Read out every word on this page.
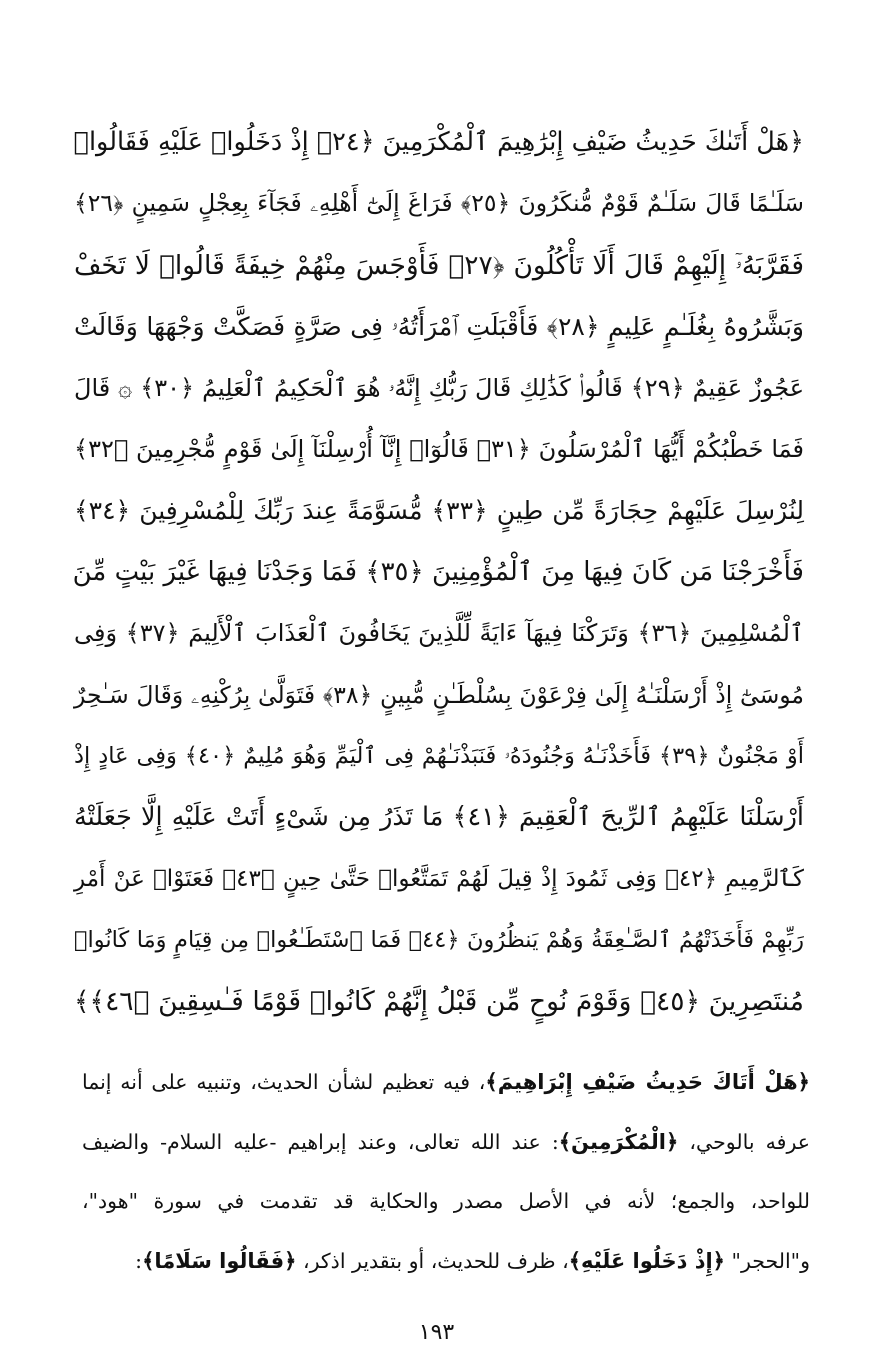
﴿هَلْ أَتَىٰكَ حَدِيثُ ضَيْفِ إِبْرَٰهِيمَ ٱلْمُكْرَمِينَ ﴿٢٤﴾ إِذْ دَخَلُوا۟ عَلَيْهِ فَقَالُوا۟
سَلَـٰمًا قَالَ سَلَـٰمٌ قَوْمٌ مُّنكَرُونَ ﴿٢٥﴾ فَرَاغَ إِلَىٰٓ أَهْلِهِۦ فَجَآءَ بِعِجْلٍ سَمِينٍ ﴿٢٦﴾
فَقَرَّبَهُۥٓ إِلَيْهِمْ قَالَ أَلَا تَأْكُلُونَ ﴿٢٧﴾ فَأَوْجَسَ مِنْهُمْ خِيفَةً قَالُوا۟ لَا تَخَفْ
وَبَشَّرُوهُ بِغُلَـٰمٍ عَلِيمٍ ﴿٢٨﴾ فَأَقْبَلَتِ ٱمْرَأَتُهُۥ فِى صَرَّةٍ فَصَكَّتْ وَجْهَهَا وَقَالَتْ
عَجُوزٌ عَقِيمٌ ﴿٢٩﴾ قَالُوا۟ كَذَٰلِكِ قَالَ رَبُّكِ إِنَّهُۥ هُوَ ٱلْحَكِيمُ ٱلْعَلِيمُ ﴿٣٠﴾ ۞ قَالَ
فَمَا خَطْبُكُمْ أَيُّهَا ٱلْمُرْسَلُونَ ﴿٣١﴾ قَالُوٓا۟ إِنَّآ أُرْسِلْنَآ إِلَىٰ قَوْمٍ مُّجْرِمِينَ ﴿٣٢﴾
لِنُرْسِلَ عَلَيْهِمْ حِجَارَةً مِّن طِينٍ ﴿٣٣﴾ مُّسَوَّمَةً عِندَ رَبِّكَ لِلْمُسْرِفِينَ ﴿٣٤﴾
فَأَخْرَجْنَا مَن كَانَ فِيهَا مِنَ ٱلْمُؤْمِنِينَ ﴿٣٥﴾ فَمَا وَجَدْنَا فِيهَا غَيْرَ بَيْتٍ مِّنَ
ٱلْمُسْلِمِينَ ﴿٣٦﴾ وَتَرَكْنَا فِيهَآ ءَايَةً لِّلَّذِينَ يَخَافُونَ ٱلْعَذَابَ ٱلْأَلِيمَ ﴿٣٧﴾ وَفِى
مُوسَىٰٓ إِذْ أَرْسَلْنَـٰهُ إِلَىٰ فِرْعَوْنَ بِسُلْطَـٰنٍ مُّبِينٍ ﴿٣٨﴾ فَتَوَلَّىٰ بِرُكْنِهِۦ وَقَالَ سَـٰحِرٌ
أَوْ مَجْنُونٌ ﴿٣٩﴾ فَأَخَذْنَـٰهُ وَجُنُودَهُۥ فَنَبَذْنَـٰهُمْ فِى ٱلْيَمِّ وَهُوَ مُلِيمٌ ﴿٤٠﴾ وَفِى عَادٍ إِذْ
أَرْسَلْنَا عَلَيْهِمُ ٱلرِّيحَ ٱلْعَقِيمَ ﴿٤١﴾ مَا تَذَرُ مِن شَىْءٍ أَتَتْ عَلَيْهِ إِلَّا جَعَلَتْهُ
كَٱلرَّمِيمِ ﴿٤٢﴾ وَفِى ثَمُودَ إِذْ قِيلَ لَهُمْ تَمَتَّعُوا۟ حَتَّىٰ حِينٍ ﴿٤٣﴾ فَعَتَوْا۟ عَنْ أَمْرِ
رَبِّهِمْ فَأَخَذَتْهُمُ ٱلصَّـٰعِقَةُ وَهُمْ يَنظُرُونَ ﴿٤٤﴾ فَمَا ٱسْتَطَـٰعُوا۟ مِن قِيَامٍ وَمَا كَانُوا۟
مُنتَصِرِينَ ﴿٤٥﴾ وَقَوْمَ نُوحٍ مِّن قَبْلُ إِنَّهُمْ كَانُوا۟ قَوْمًا فَـٰسِقِينَ ﴿٤٦﴾﴾
﴿هَلْ أَتَاكَ حَدِيثُ ضَيْفِ إِبْرَاهِيمَ﴾، فيه تعظيم لشأن الحديث، وتنبيه على أنه إنما
عرفه بالوحي، ﴿الْمُكْرَمِينَ﴾: عند الله تعالى، وعند إبراهيم -عليه السلام- والضيف
للواحد، والجمع؛ لأنه في الأصل مصدر والحكاية قد تقدمت في سورة "هود"،
و"الحجر" ﴿إِذْ دَخَلُوا عَلَيْهِ﴾، ظرف للحديث، أو بتقدير اذكر، ﴿فَقَالُوا سَلَامًا﴾:
١٩٣
